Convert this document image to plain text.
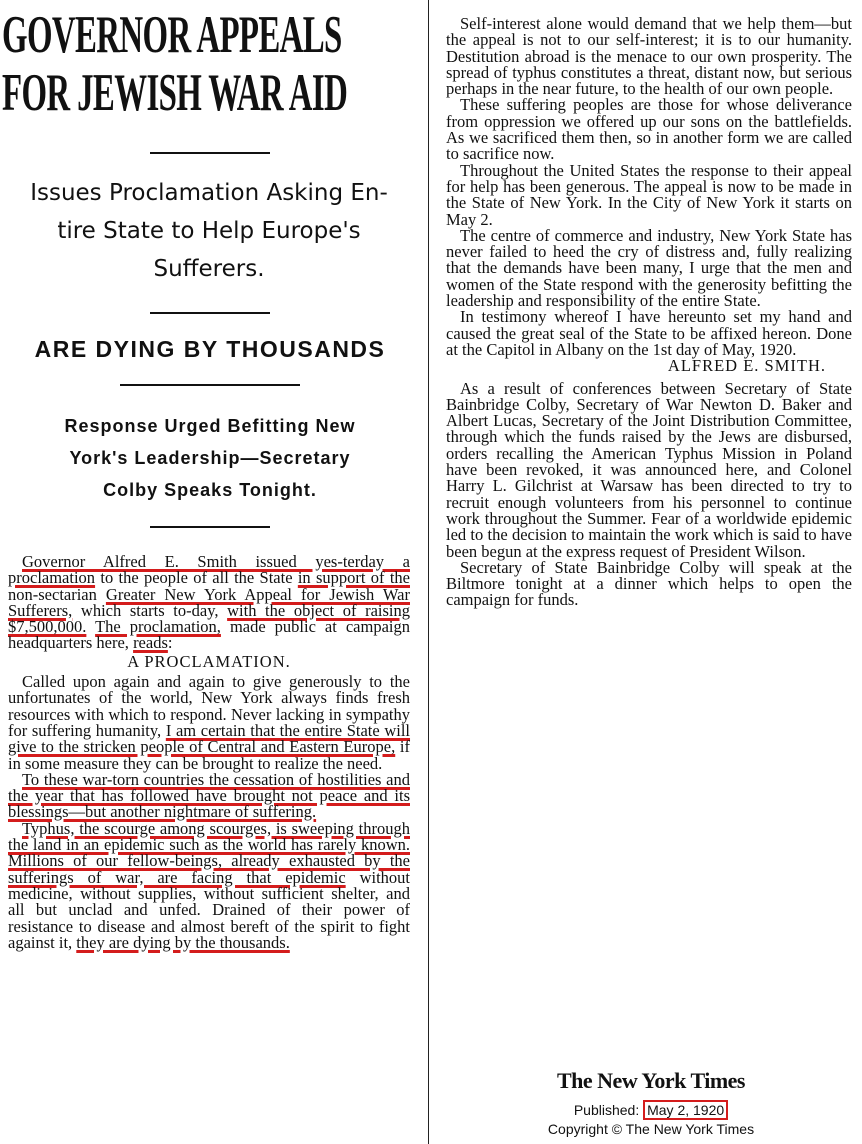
GOVERNOR APPEALS
FOR JEWISH WAR AID
Issues Proclamation Asking En-
tire State to Help Europe's
Sufferers.
ARE DYING BY THOUSANDS
Response Urged Befitting New
York's Leadership—Secretary
Colby Speaks Tonight.

Governor Alfred E. Smith issued yes-terday a proclamation to the people of all the State in support of the non-sectarian Greater New York Appeal for Jewish War Sufferers, which starts to-day, with the object of raising $7,500,000. The proclamation, made public at campaign headquarters here, reads:

A PROCLAMATION.

Called upon again and again to give generously to the unfortunates of the world, New York always finds fresh resources with which to respond. Never lacking in sympathy for suffering humanity, I am certain that the entire State will give to the stricken people of Central and Eastern Europe, if in some measure they can be brought to realize the need.

To these war-torn countries the cessation of hostilities and the year that has followed have brought not peace and its blessings—but another nightmare of suffering.

Typhus, the scourge among scourges, is sweeping through the land in an epidemic such as the world has rarely known. Millions of our fellow-beings, already exhausted by the sufferings of war, are facing that epidemic without medicine, without supplies, without sufficient shelter, and all but unclad and unfed. Drained of their power of resistance to disease and almost bereft of the spirit to fight against it, they are dying by the thousands.

Self-interest alone would demand that we help them—but the appeal is not to our self-interest; it is to our humanity. Destitution abroad is the menace to our own prosperity. The spread of typhus constitutes a threat, distant now, but serious perhaps in the near future, to the health of our own people.

These suffering peoples are those for whose deliverance from oppression we offered up our sons on the battlefields. As we sacrificed them then, so in another form we are called to sacrifice now.

Throughout the United States the response to their appeal for help has been generous. The appeal is now to be made in the State of New York. In the City of New York it starts on May 2.

The centre of commerce and industry, New York State has never failed to heed the cry of distress and, fully realizing that the demands have been many, I urge that the men and women of the State respond with the generosity befitting the leadership and responsibility of the entire State.

In testimony whereof I have hereunto set my hand and caused the great seal of the State to be affixed hereon. Done at the Capitol in Albany on the 1st day of May, 1920.

ALFRED E. SMITH.

As a result of conferences between Secretary of State Bainbridge Colby, Secretary of War Newton D. Baker and Albert Lucas, Secretary of the Joint Distribution Committee, through which the funds raised by the Jews are disbursed, orders recalling the American Typhus Mission in Poland have been revoked, it was announced here, and Colonel Harry L. Gilchrist at Warsaw has been directed to try to recruit enough volunteers from his personnel to continue work throughout the Summer. Fear of a worldwide epidemic led to the decision to maintain the work which is said to have been begun at the express request of President Wilson.

Secretary of State Bainbridge Colby will speak at the Biltmore tonight at a dinner which helps to open the campaign for funds.

The New York Times
Published: May 2, 1920
Copyright © The New York Times
